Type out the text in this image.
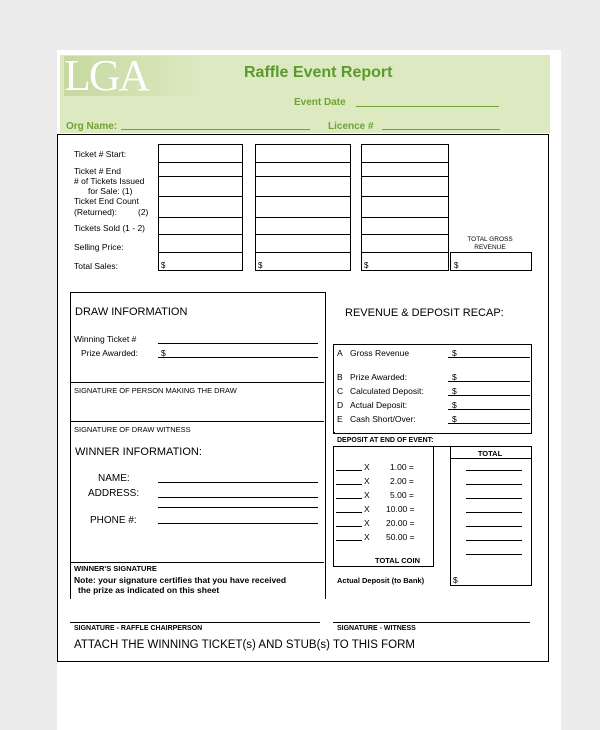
LGA	Raffle Event Report
Event Date
Org Name:	Licence #
Ticket # Start:
Ticket # End
# of Tickets Issued
for Sale: (1)
Ticket End Count
(Returned): (2)
Tickets Sold (1 - 2)
Selling Price:
Total Sales:	$	$	$
TOTAL GROSS
REVENUE
$
DRAW INFORMATION
Winning Ticket #
Prize Awarded:	$
SIGNATURE OF PERSON MAKING THE DRAW
SIGNATURE OF DRAW WITNESS
WINNER INFORMATION:
NAME:
ADDRESS:
PHONE #:
WINNER'S SIGNATURE
Note: your signature certifies that you have received
the prize as indicated on this sheet
REVENUE & DEPOSIT RECAP:
A Gross Revenue	$
B Prize Awarded:	$
C Calculated Deposit:	$
D Actual Deposit:	$
E Cash Short/Over:	$
DEPOSIT AT END OF EVENT:
TOTAL
X 1.00 =
X 2.00 =
X 5.00 =
X 10.00 =
X 20.00 =
X 50.00 =
TOTAL COIN
Actual Deposit (to Bank)	$
SIGNATURE - RAFFLE CHAIRPERSON	SIGNATURE - WITNESS
ATTACH THE WINNING TICKET(s) AND STUB(s) TO THIS FORM
